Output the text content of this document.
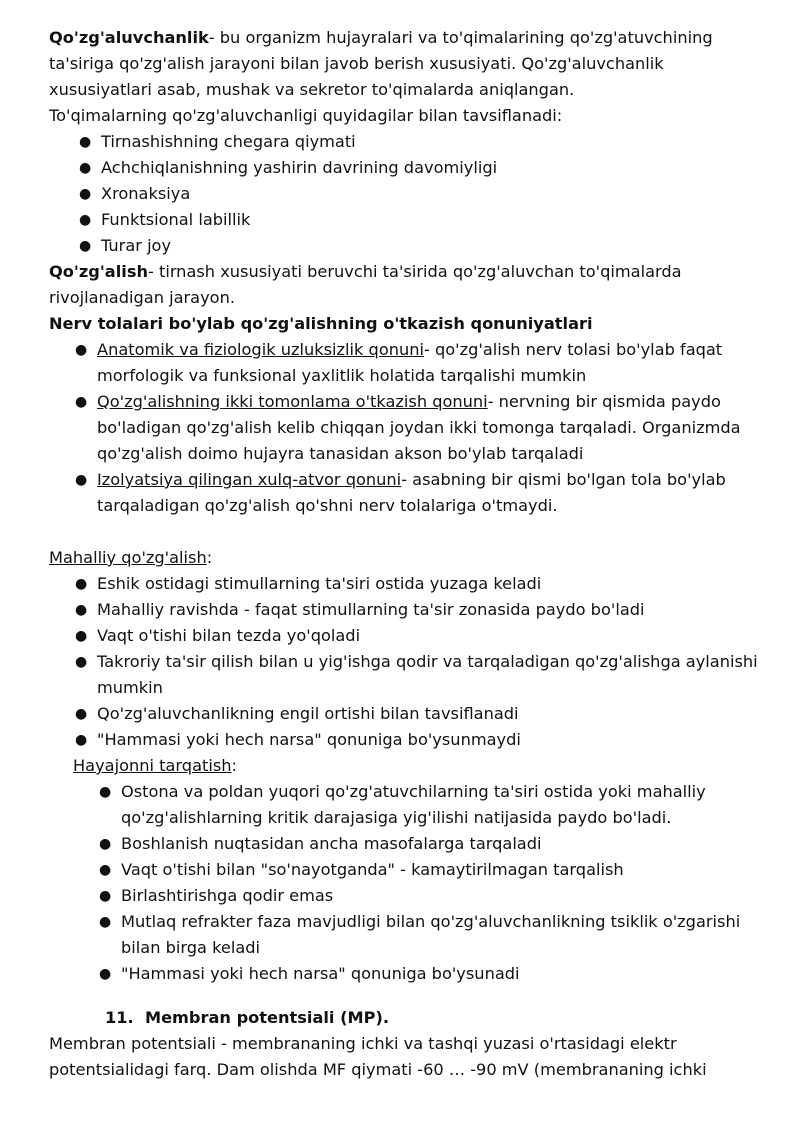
Qo'zg'aluvchanlik- bu organizm hujayralari va to'qimalarining qo'zg'atuvchining ta'siriga qo'zg'alish jarayoni bilan javob berish xususiyati. Qo'zg'aluvchanlik xususiyatlari asab, mushak va sekretor to'qimalarda aniqlangan.

To'qimalarning qo'zg'aluvchanligi quyidagilar bilan tavsiflanadi:

● Tirnashishning chegara qiymati
● Achchiqlanishning yashirin davrining davomiyligi
● Xronaksiya
● Funktsional labillik
● Turar joy

Qo'zg'alish- tirnash xususiyati beruvchi ta'sirida qo'zg'aluvchan to'qimalarda rivojlanadigan jarayon.

Nerv tolalari bo'ylab qo'zg'alishning o'tkazish qonuniyatlari

● Anatomik va fiziologik uzluksizlik qonuni- qo'zg'alish nerv tolasi bo'ylab faqat morfologik va funksional yaxlitlik holatida tarqalishi mumkin
● Qo'zg'alishning ikki tomonlama o'tkazish qonuni- nervning bir qismida paydo bo'ladigan qo'zg'alish kelib chiqqan joydan ikki tomonga tarqaladi. Organizmda qo'zg'alish doimo hujayra tanasidan akson bo'ylab tarqaladi
● Izolyatsiya qilingan xulq-atvor qonuni- asabning bir qismi bo'lgan tola bo'ylab tarqaladigan qo'zg'alish qo'shni nerv tolalariga o'tmaydi.

Mahalliy qo'zg'alish:

● Eshik ostidagi stimullarning ta'siri ostida yuzaga keladi
● Mahalliy ravishda - faqat stimullarning ta'sir zonasida paydo bo'ladi
● Vaqt o'tishi bilan tezda yo'qoladi
● Takroriy ta'sir qilish bilan u yig'ishga qodir va tarqaladigan qo'zg'alishga aylanishi mumkin
● Qo'zg'aluvchanlikning engil ortishi bilan tavsiflanadi
● "Hammasi yoki hech narsa" qonuniga bo'ysunmaydi

Hayajonni tarqatish:

● Ostona va poldan yuqori qo'zg'atuvchilarning ta'siri ostida yoki mahalliy qo'zg'alishlarning kritik darajasiga yig'ilishi natijasida paydo bo'ladi.
● Boshlanish nuqtasidan ancha masofalarga tarqaladi
● Vaqt o'tishi bilan "so'nayotganda" - kamaytirilmagan tarqalish
● Birlashtirishga qodir emas
● Mutlaq refrakter faza mavjudligi bilan qo'zg'aluvchanlikning tsiklik o'zgarishi bilan birga keladi
● "Hammasi yoki hech narsa" qonuniga bo'ysunadi

11. Membran potentsiali (MP).

Membran potentsiali - membrananing ichki va tashqi yuzasi o'rtasidagi elektr potentsialidagi farq. Dam olishda MF qiymati -60 … -90 mV (membrananing ichki
